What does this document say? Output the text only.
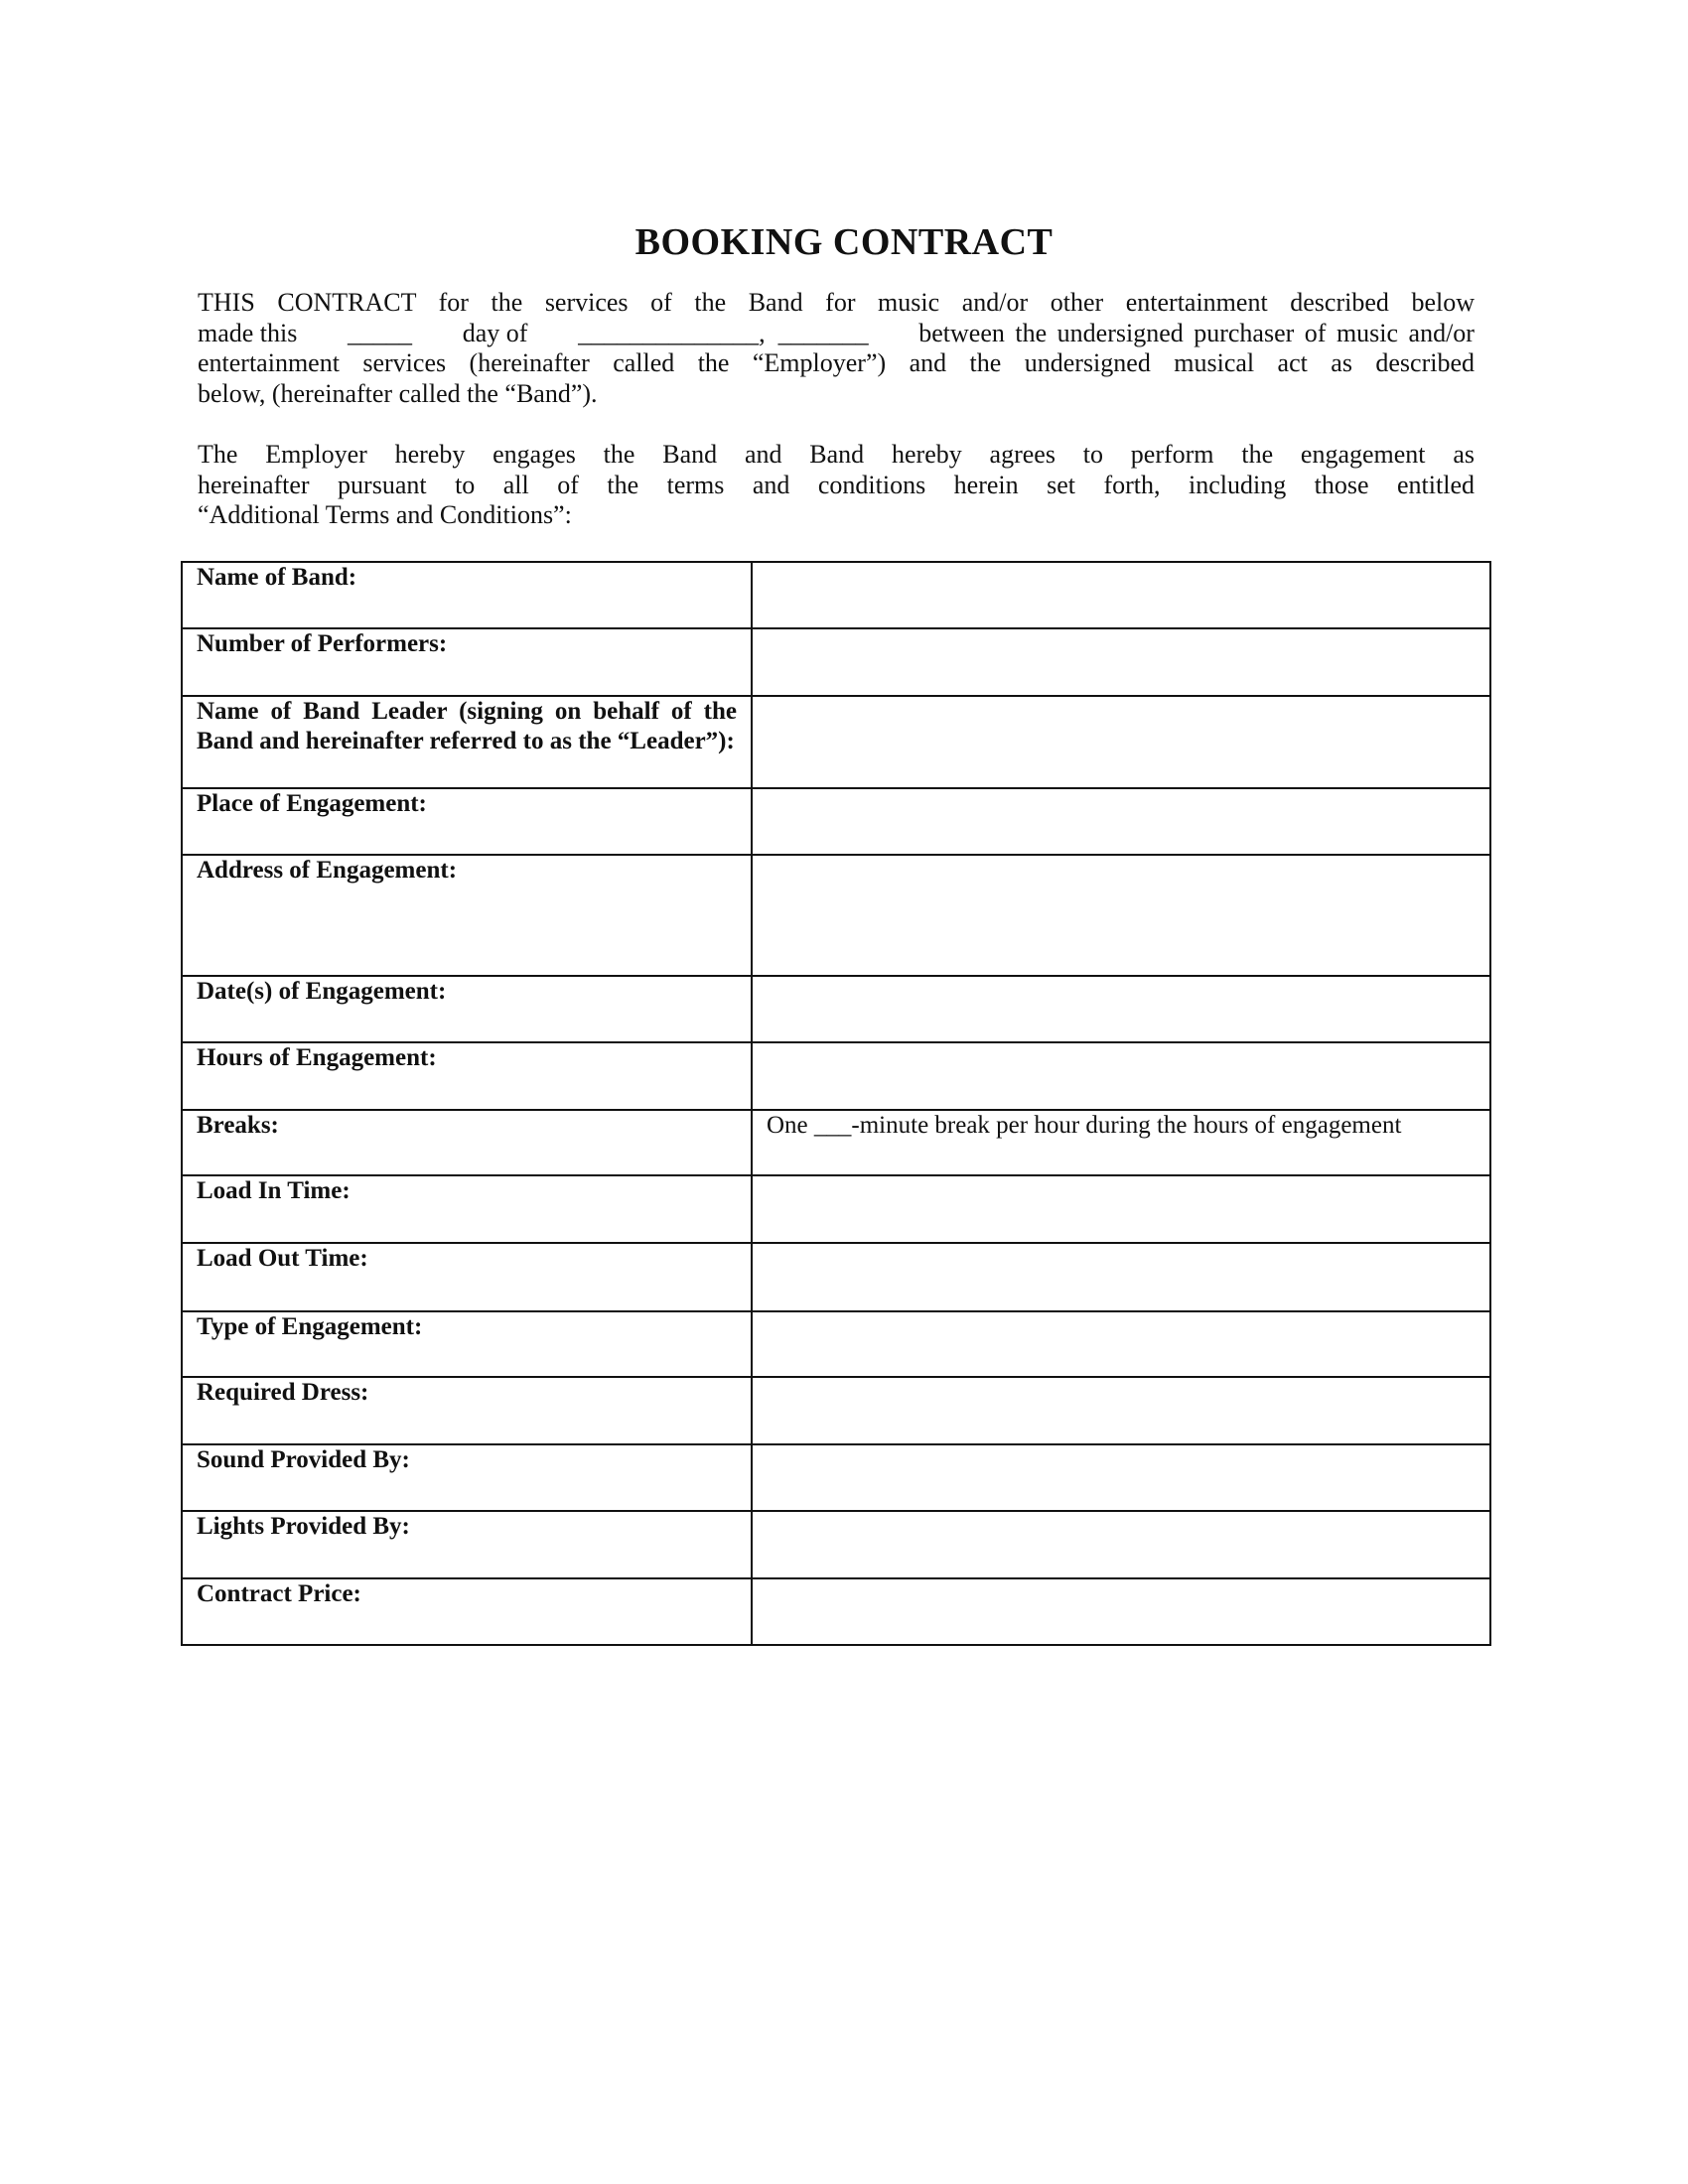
BOOKING CONTRACT
THIS CONTRACT for the services of the Band for music and/or other entertainment described below
made this _____ day of ______________, _______ between the undersigned purchaser of music and/or
entertainment services (hereinafter called the “Employer”) and the undersigned musical act as described
below, (hereinafter called the “Band”).
The Employer hereby engages the Band and Band hereby agrees to perform the engagement as
hereinafter pursuant to all of the terms and conditions herein set forth, including those entitled
“Additional Terms and Conditions”:
Name of Band:	
Number of Performers:	
Name of Band Leader (signing on behalf of the Band and hereinafter referred to as the “Leader”):	
Place of Engagement:	
Address of Engagement:	
Date(s) of Engagement:	
Hours of Engagement:	
Breaks:	One ___-minute break per hour during the hours of engagement
Load In Time:	
Load Out Time:	
Type of Engagement:	
Required Dress:	
Sound Provided By:	
Lights Provided By:	
Contract Price:	
